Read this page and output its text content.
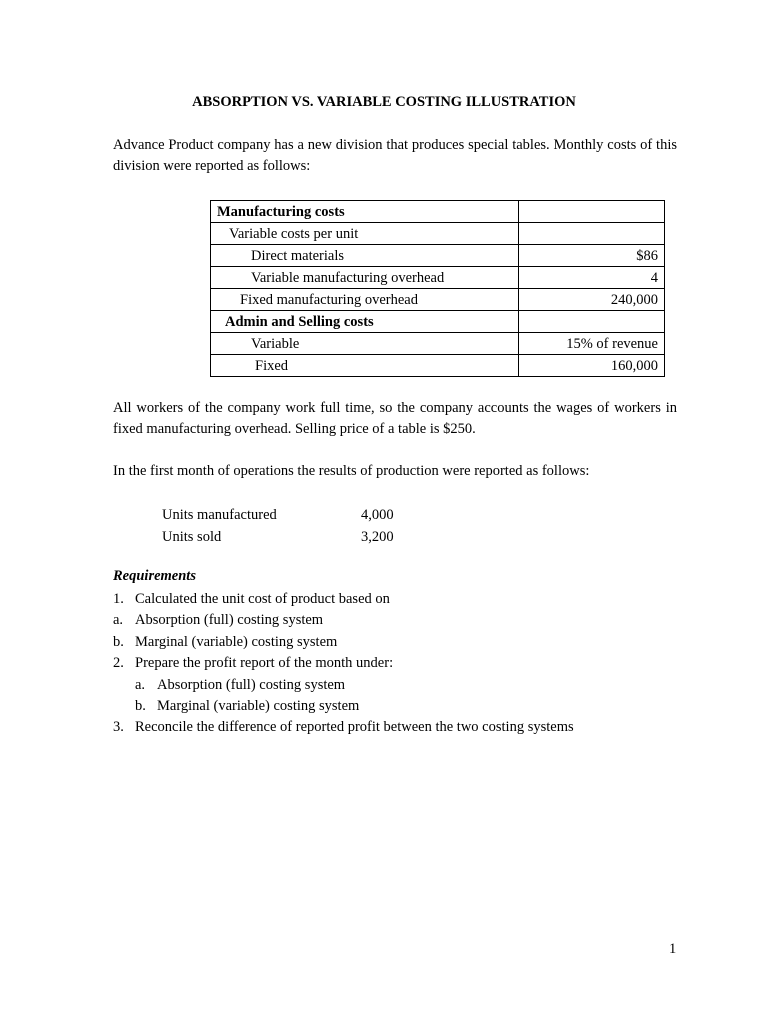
ABSORPTION VS. VARIABLE COSTING ILLUSTRATION
Advance Product company has a new division that produces special tables. Monthly costs of this division were reported as follows:
Manufacturing costs	
Variable costs per unit	
Direct materials	$86
Variable manufacturing overhead	4
Fixed manufacturing overhead	240,000
Admin and Selling costs	
Variable	15% of revenue
Fixed	160,000
All workers of the company work full time, so the company accounts the wages of workers in fixed manufacturing overhead. Selling price of a table is $250.
In the first month of operations the results of production were reported as follows:
Units manufactured	4,000
Units sold	3,200
Requirements
1. Calculated the unit cost of product based on
a. Absorption (full) costing system
b. Marginal (variable) costing system
2. Prepare the profit report of the month under:
a. Absorption (full) costing system
b. Marginal (variable) costing system
3. Reconcile the difference of reported profit between the two costing systems
1
